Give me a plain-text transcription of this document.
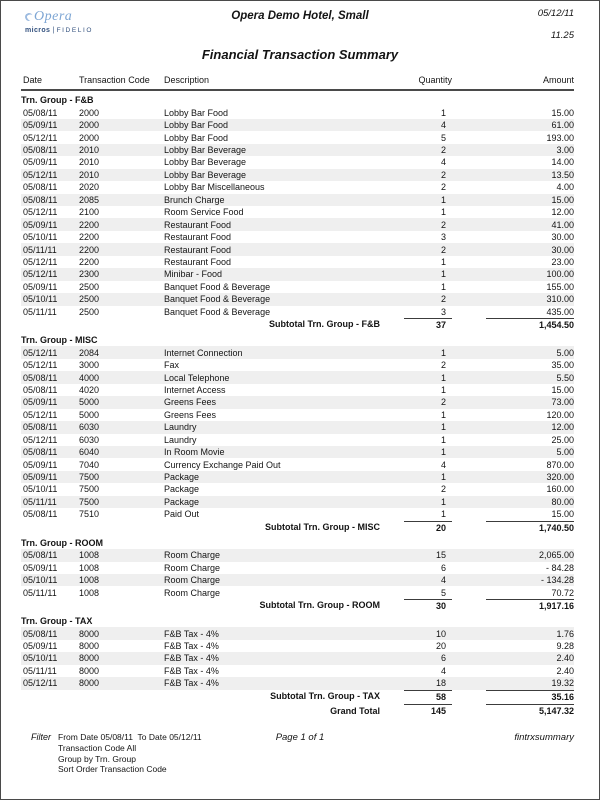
Opera
micros | FIDELIO
Opera Demo Hotel, Small	05/12/11
11.25
Financial Transaction Summary
Date	Transaction Code	Description	Quantity	Amount
Trn. Group - F&B
05/08/11	2000	Lobby Bar Food	1	15.00
05/09/11	2000	Lobby Bar Food	4	61.00
05/12/11	2000	Lobby Bar Food	5	193.00
05/08/11	2010	Lobby Bar Beverage	2	3.00
05/09/11	2010	Lobby Bar Beverage	4	14.00
05/12/11	2010	Lobby Bar Beverage	2	13.50
05/08/11	2020	Lobby Bar Miscellaneous	2	4.00
05/08/11	2085	Brunch Charge	1	15.00
05/12/11	2100	Room Service Food	1	12.00
05/09/11	2200	Restaurant Food	2	41.00
05/10/11	2200	Restaurant Food	3	30.00
05/11/11	2200	Restaurant Food	2	30.00
05/12/11	2200	Restaurant Food	1	23.00
05/12/11	2300	Minibar - Food	1	100.00
05/09/11	2500	Banquet Food & Beverage	1	155.00
05/10/11	2500	Banquet Food & Beverage	2	310.00
05/11/11	2500	Banquet Food & Beverage	3	435.00
Subtotal Trn. Group - F&B	37	1,454.50
Trn. Group - MISC
05/12/11	2084	Internet Connection	1	5.00
05/12/11	3000	Fax	2	35.00
05/08/11	4000	Local Telephone	1	5.50
05/08/11	4020	Internet Access	1	15.00
05/09/11	5000	Greens Fees	2	73.00
05/12/11	5000	Greens Fees	1	120.00
05/08/11	6030	Laundry	1	12.00
05/12/11	6030	Laundry	1	25.00
05/08/11	6040	In Room Movie	1	5.00
05/09/11	7040	Currency Exchange Paid Out	4	870.00
05/09/11	7500	Package	1	320.00
05/10/11	7500	Package	2	160.00
05/11/11	7500	Package	1	80.00
05/08/11	7510	Paid Out	1	15.00
Subtotal Trn. Group - MISC	20	1,740.50
Trn. Group - ROOM
05/08/11	1008	Room Charge	15	2,065.00
05/09/11	1008	Room Charge	6	- 84.28
05/10/11	1008	Room Charge	4	- 134.28
05/11/11	1008	Room Charge	5	70.72
Subtotal Trn. Group - ROOM	30	1,917.16
Trn. Group - TAX
05/08/11	8000	F&B Tax - 4%	10	1.76
05/09/11	8000	F&B Tax - 4%	20	9.28
05/10/11	8000	F&B Tax - 4%	6	2.40
05/11/11	8000	F&B Tax - 4%	4	2.40
05/12/11	8000	F&B Tax - 4%	18	19.32
Subtotal Trn. Group - TAX	58	35.16
Grand Total	145	5,147.32
Filter From Date 05/08/11  To Date 05/12/11
Transaction Code All
Group by Trn. Group
Sort Order Transaction Code
Page 1 of 1	fintrxsummary
